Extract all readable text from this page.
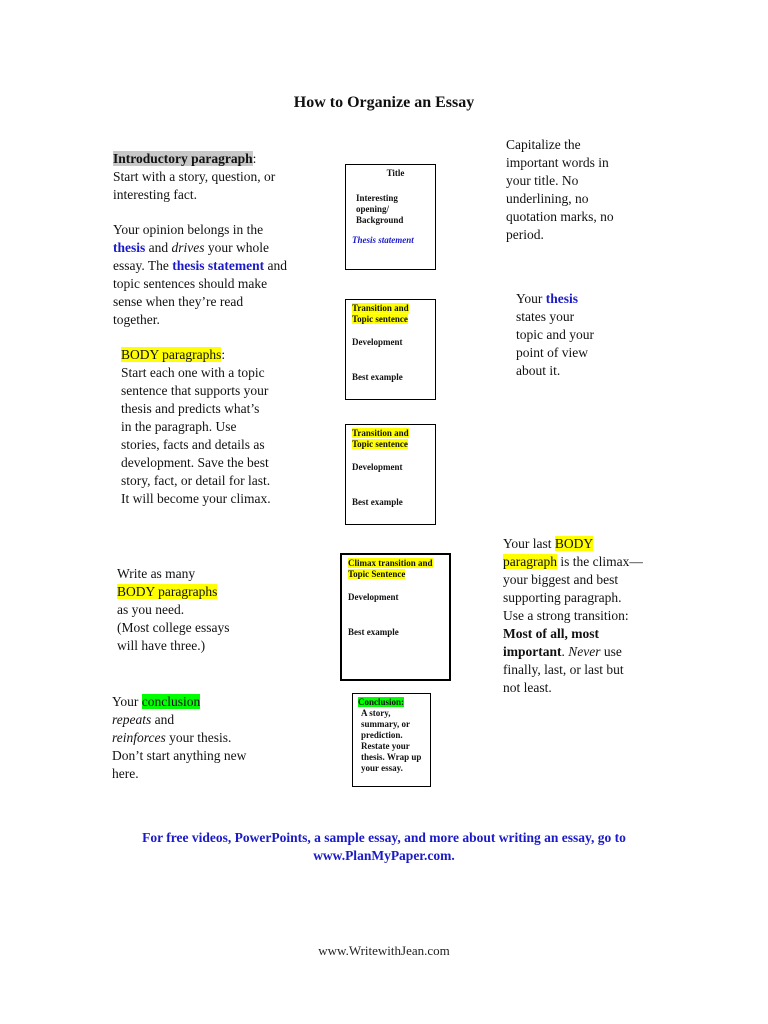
How to Organize an Essay

Introductory paragraph:

Start with a story, question, or interesting fact.

Your opinion belongs in the thesis and drives your whole essay. The thesis statement and topic sentences should make sense when they’re read together.

BODY paragraphs:

Start each one with a topic sentence that supports your thesis and predicts what’s in the paragraph. Use stories, facts and details as development. Save the best story, fact, or detail for last. It will become your climax.

Write as many

BODY paragraphs

as you need.

(Most college essays will have three.)

Your conclusion

repeats and

reinforces your thesis. Don’t start anything new here.

Title
Interesting opening/ Background
Thesis statement
Transition and Topic sentence
Development
Best example
Transition and Topic sentence
Development
Best example
Climax transition and Topic Sentence
Development
Best example
Conclusion:
A story, summary, or prediction. Restate your thesis. Wrap up your essay.

Capitalize the important words in your title. No underlining, no quotation marks, no period.

Your thesis states your topic and your point of view about it.

Your last BODY paragraph is the climax—your biggest and best supporting paragraph. Use a strong transition: Most of all, most important. Never use finally, last, or last but not least.

For free videos, PowerPoints, a sample essay, and more about writing an essay, go to www.PlanMyPaper.com.
www.WritewithJean.com
